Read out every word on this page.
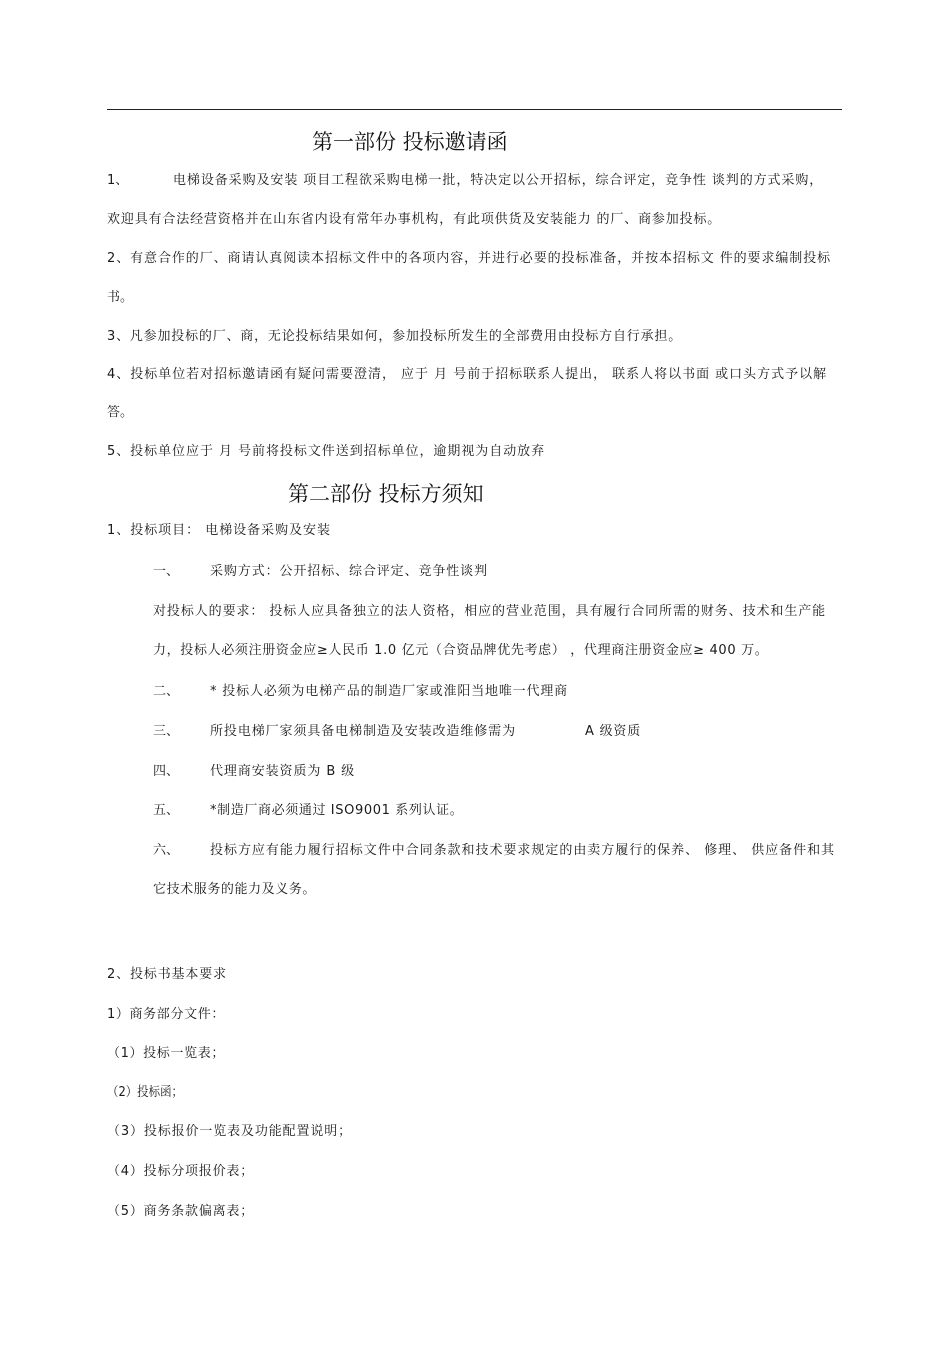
第一部份 投标邀请函
1、	电梯设备采购及安装 项目工程欲采购电梯一批，特决定以公开招标，综合评定，竞争性 谈判的方式采购，
欢迎具有合法经营资格并在山东省内设有常年办事机构，有此项供货及安装能力 的厂、商参加投标。
2、有意合作的厂、商请认真阅读本招标文件中的各项内容，并进行必要的投标准备，并按本招标文 件的要求编制投标
书。
3、凡参加投标的厂、商，无论投标结果如何，参加投标所发生的全部费用由投标方自行承担。
4、投标单位若对招标邀请函有疑问需要澄清， 应于 月 号前于招标联系人提出， 联系人将以书面 或口头方式予以解
答。
5、投标单位应于 月 号前将投标文件送到招标单位，逾期视为自动放弃
第二部份 投标方须知
1、投标项目： 电梯设备采购及安装
一、 采购方式：公开招标、综合评定、竞争性谈判
对投标人的要求： 投标人应具备独立的法人资格，相应的营业范围，具有履行合同所需的财务、技术和生产能
力，投标人必须注册资金应≥人民币 1.0 亿元（合资品牌优先考虑） ，代理商注册资金应≥ 400 万。
二、 * 投标人必须为电梯产品的制造厂家或淮阳当地唯一代理商
三、 所投电梯厂家须具备电梯制造及安装改造维修需为	A 级资质
四、 代理商安装资质为 B 级
五、 *制造厂商必须通过 ISO9001 系列认证。
六、 投标方应有能力履行招标文件中合同条款和技术要求规定的由卖方履行的保养、 修理、 供应备件和其
它技术服务的能力及义务。
2、投标书基本要求
1）商务部分文件：
（1）投标一览表；
（2）投标函；
（3）投标报价一览表及功能配置说明；
（4）投标分项报价表；
（5）商务条款偏离表；
